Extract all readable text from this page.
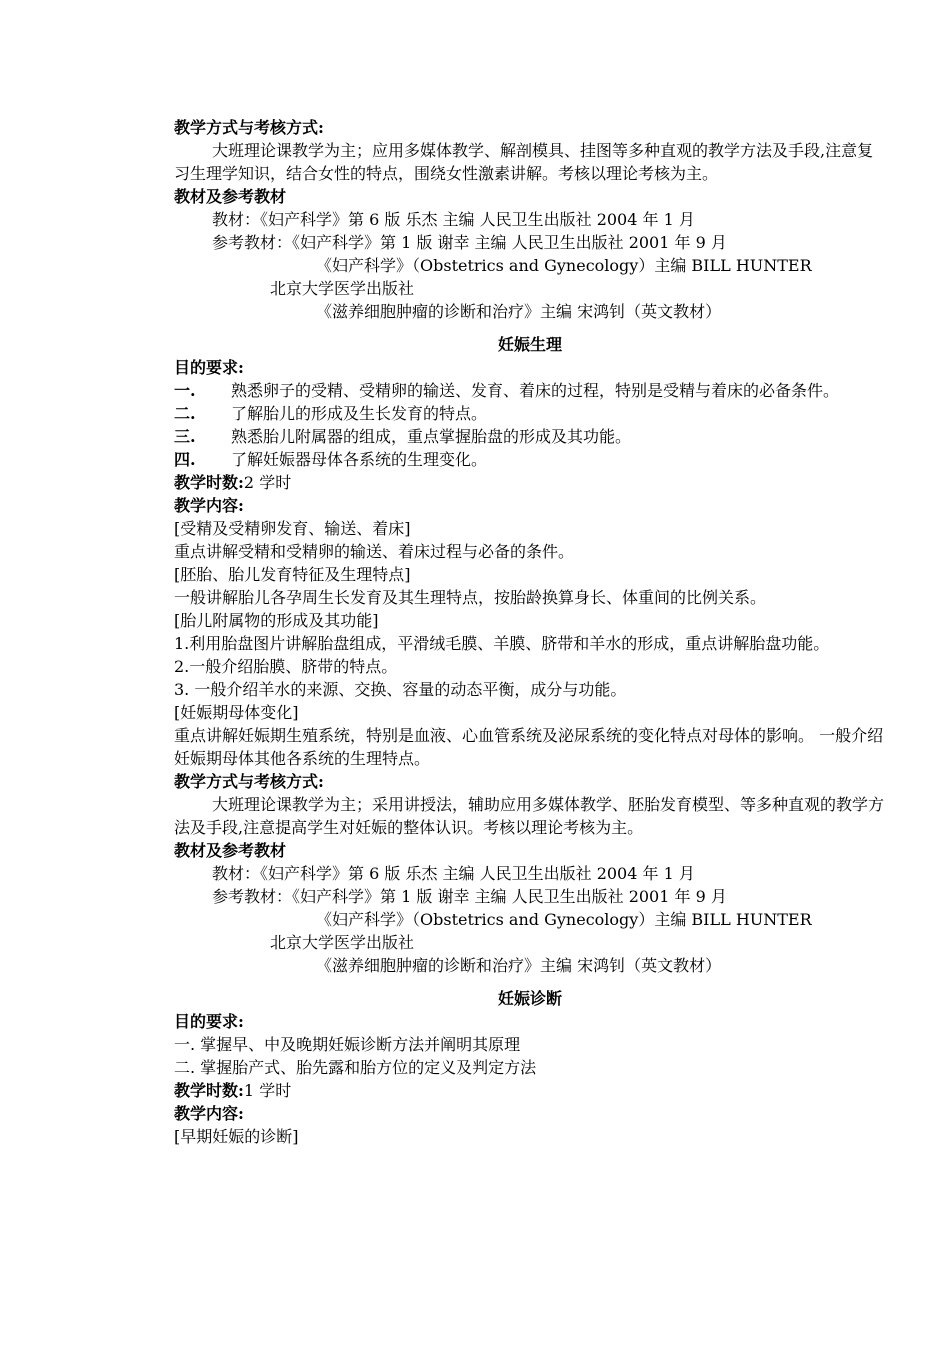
教学方式与考核方式:
大班理论课教学为主；应用多媒体教学、解剖模具、挂图等多种直观的教学方法及手段,注意复习生理学知识，结合女性的特点，围绕女性激素讲解。考核以理论考核为主。
教材及参考教材
教材：《妇产科学》第 6 版 乐杰 主编 人民卫生出版社 2004 年 1 月
参考教材：《妇产科学》第 1 版 谢幸 主编 人民卫生出版社 2001 年 9 月
《妇产科学》（Obstetrics and Gynecology）主编 BILL HUNTER
北京大学医学出版社
《滋养细胞肿瘤的诊断和治疗》主编 宋鸿钊（英文教材）
妊娠生理
目的要求:
一.	熟悉卵子的受精、受精卵的输送、发育、着床的过程，特别是受精与着床的必备条件。
二.	了解胎儿的形成及生长发育的特点。
三.	熟悉胎儿附属器的组成，重点掌握胎盘的形成及其功能。
四.	了解妊娠器母体各系统的生理变化。
教学时数:2 学时
教学内容:
[受精及受精卵发育、输送、着床]
重点讲解受精和受精卵的输送、着床过程与必备的条件。
[胚胎、胎儿发育特征及生理特点]
一般讲解胎儿各孕周生长发育及其生理特点，按胎龄换算身长、体重间的比例关系。
[胎儿附属物的形成及其功能]
1.利用胎盘图片讲解胎盘组成，平滑绒毛膜、羊膜、脐带和羊水的形成，重点讲解胎盘功能。
2.一般介绍胎膜、脐带的特点。
3. 一般介绍羊水的来源、交换、容量的动态平衡，成分与功能。
[妊娠期母体变化]
重点讲解妊娠期生殖系统，特别是血液、心血管系统及泌尿系统的变化特点对母体的影响。 一般介绍妊娠期母体其他各系统的生理特点。
教学方式与考核方式:
大班理论课教学为主；采用讲授法，辅助应用多媒体教学、胚胎发育模型、等多种直观的教学方法及手段,注意提高学生对妊娠的整体认识。考核以理论考核为主。
教材及参考教材
教材：《妇产科学》第 6 版 乐杰 主编 人民卫生出版社 2004 年 1 月
参考教材：《妇产科学》第 1 版 谢幸 主编 人民卫生出版社 2001 年 9 月
《妇产科学》（Obstetrics and Gynecology）主编 BILL HUNTER
北京大学医学出版社
《滋养细胞肿瘤的诊断和治疗》主编 宋鸿钊（英文教材）
妊娠诊断
目的要求:
一. 掌握早、中及晚期妊娠诊断方法并阐明其原理
二. 掌握胎产式、胎先露和胎方位的定义及判定方法
教学时数:1 学时
教学内容:
[早期妊娠的诊断]
